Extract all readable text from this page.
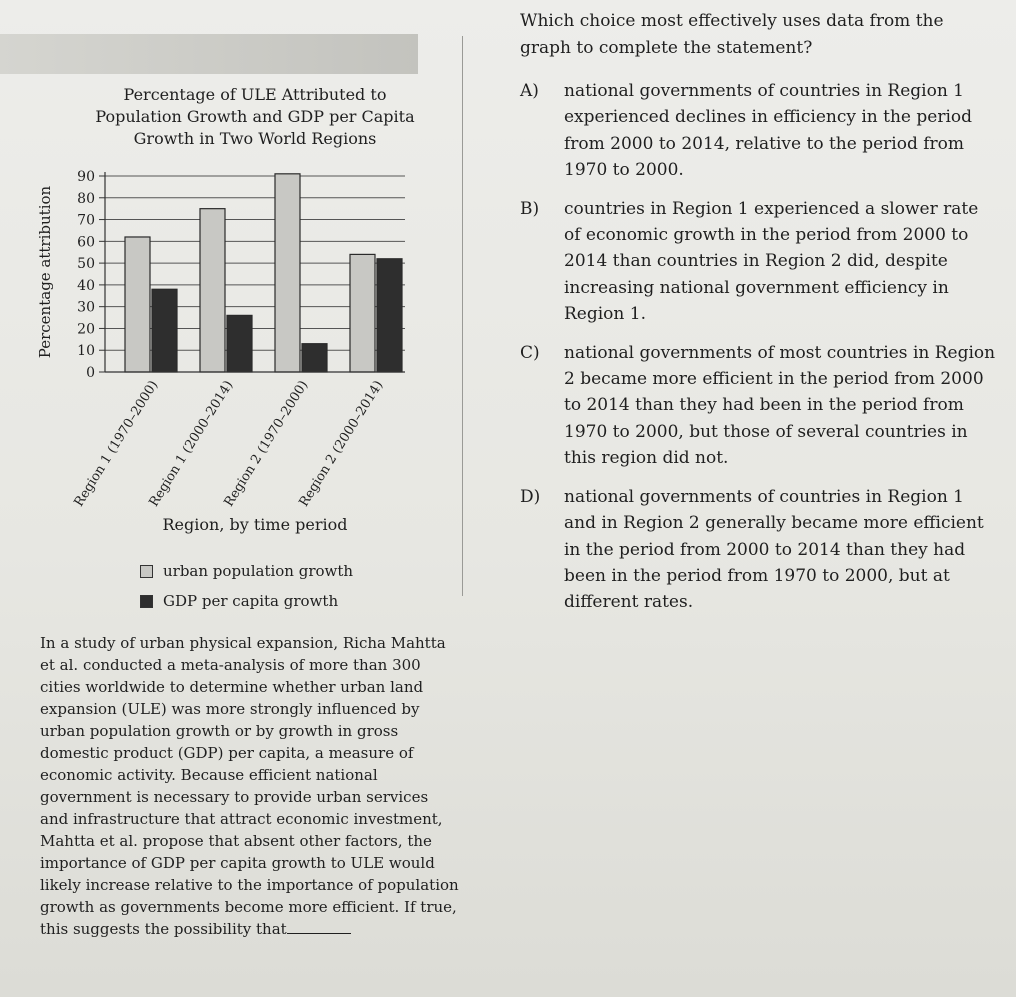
Percentage of ULE Attributed to
Population Growth and GDP per Capita
Growth in Two World Regions
0
10
20
30
40
50
60
70
80
90
Region 1 (1970–2000)
Region 1 (2000–2014)
Region 2 (1970–2000)
Region 2 (2000–2014)
Percentage attribution
Region, by time period
urban population growth
GDP per capita growth
In a study of urban physical expansion, Richa Mahtta et al. conducted a meta-analysis of more than 300 cities worldwide to determine whether urban land expansion (ULE) was more strongly influenced by urban population growth or by growth in gross domestic product (GDP) per capita, a measure of economic activity. Because efficient national government is necessary to provide urban services and infrastructure that attract economic investment, Mahtta et al. propose that absent other factors, the importance of GDP per capita growth to ULE would likely increase relative to the importance of population growth as governments become more efficient. If true, this suggests the possibility that
Which choice most effectively uses data from the graph to complete the statement?
A)	national governments of countries in Region 1 experienced declines in efficiency in the period from 2000 to 2014, relative to the period from 1970 to 2000.
B)	countries in Region 1 experienced a slower rate of economic growth in the period from 2000 to 2014 than countries in Region 2 did, despite increasing national government efficiency in Region 1.
C)	national governments of most countries in Region 2 became more efficient in the period from 2000 to 2014 than they had been in the period from 1970 to 2000, but those of several countries in this region did not.
D)	national governments of countries in Region 1 and in Region 2 generally became more efficient in the period from 2000 to 2014 than they had been in the period from 1970 to 2000, but at different rates.
